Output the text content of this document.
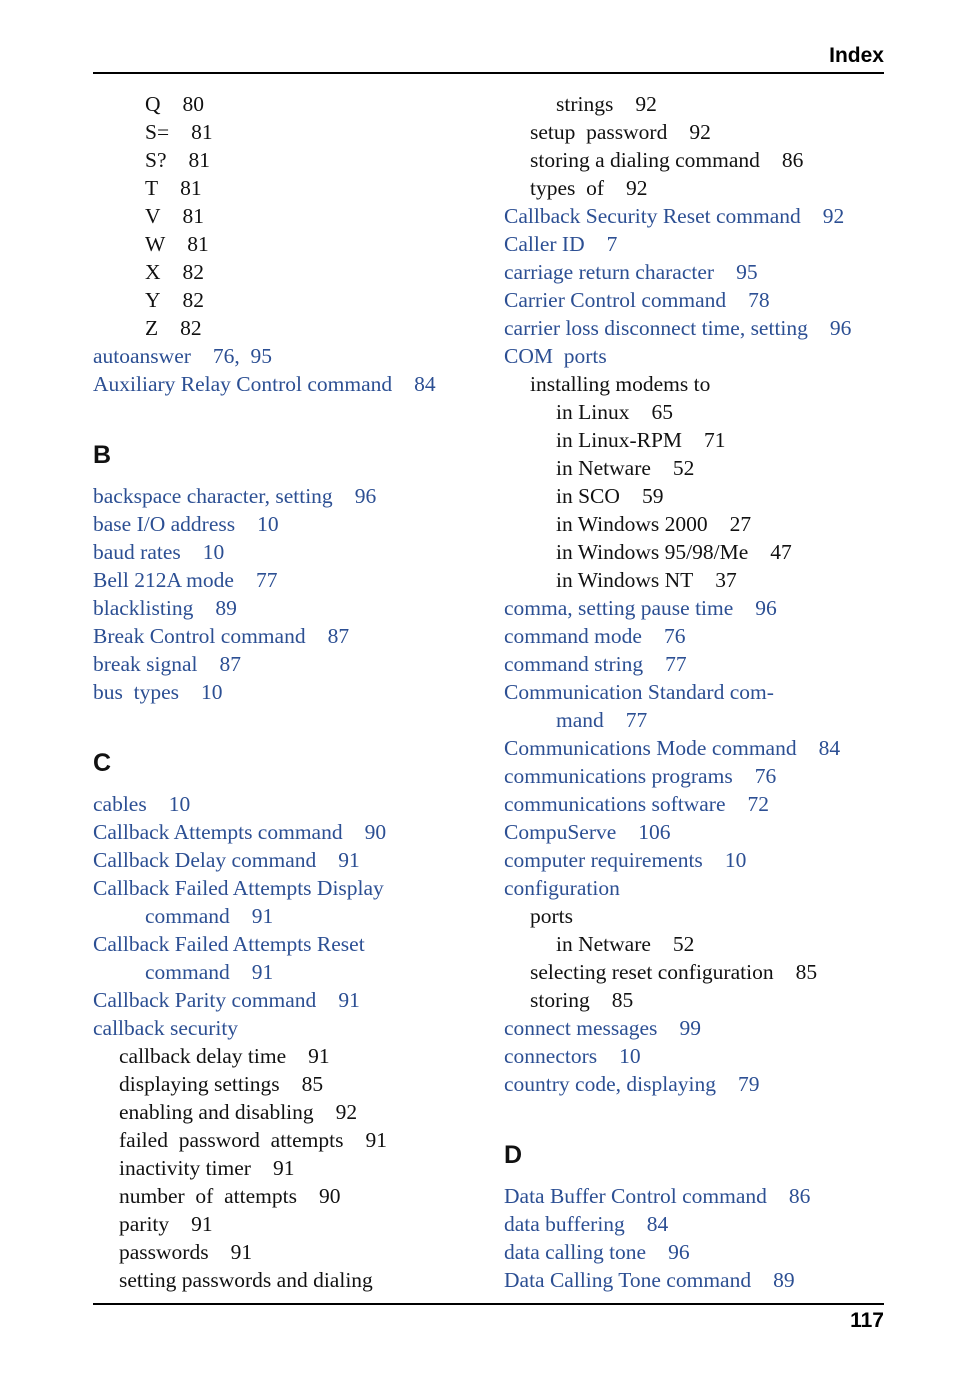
Index
Q 80
S= 81
S? 81
T 81
V 81
W 81
X 82
Y 82
Z 82
autoanswer 76,  95
Auxiliary Relay Control command 84
B
backspace character, setting 96
base I/O address 10
baud rates 10
Bell 212A mode 77
blacklisting 89
Break Control command 87
break signal 87
bus  types 10
C
cables 10
Callback Attempts command 90
Callback Delay command 91
Callback Failed Attempts Display
command 91
Callback Failed Attempts Reset
command 91
Callback Parity command 91
callback security
callback delay time 91
displaying settings 85
enabling and disabling 92
failed  password  attempts 91
inactivity timer 91
number  of  attempts 90
parity 91
passwords 91
setting passwords and dialing
strings 92
setup  password 92
storing a dialing command 86
types  of 92
Callback Security Reset command 92
Caller ID 7
carriage return character 95
Carrier Control command 78
carrier loss disconnect time, setting 96
COM  ports
installing modems to
in Linux 65
in Linux-RPM 71
in Netware 52
in SCO 59
in Windows 2000 27
in Windows 95/98/Me 47
in Windows NT 37
comma, setting pause time 96
command mode 76
command string 77
Communication Standard com-
mand 77
Communications Mode command 84
communications programs 76
communications software 72
CompuServe 106
computer requirements 10
configuration
ports
in Netware 52
selecting reset configuration 85
storing 85
connect messages 99
connectors 10
country code, displaying 79
D
Data Buffer Control command 86
data buffering 84
data calling tone 96
Data Calling Tone command 89
117
